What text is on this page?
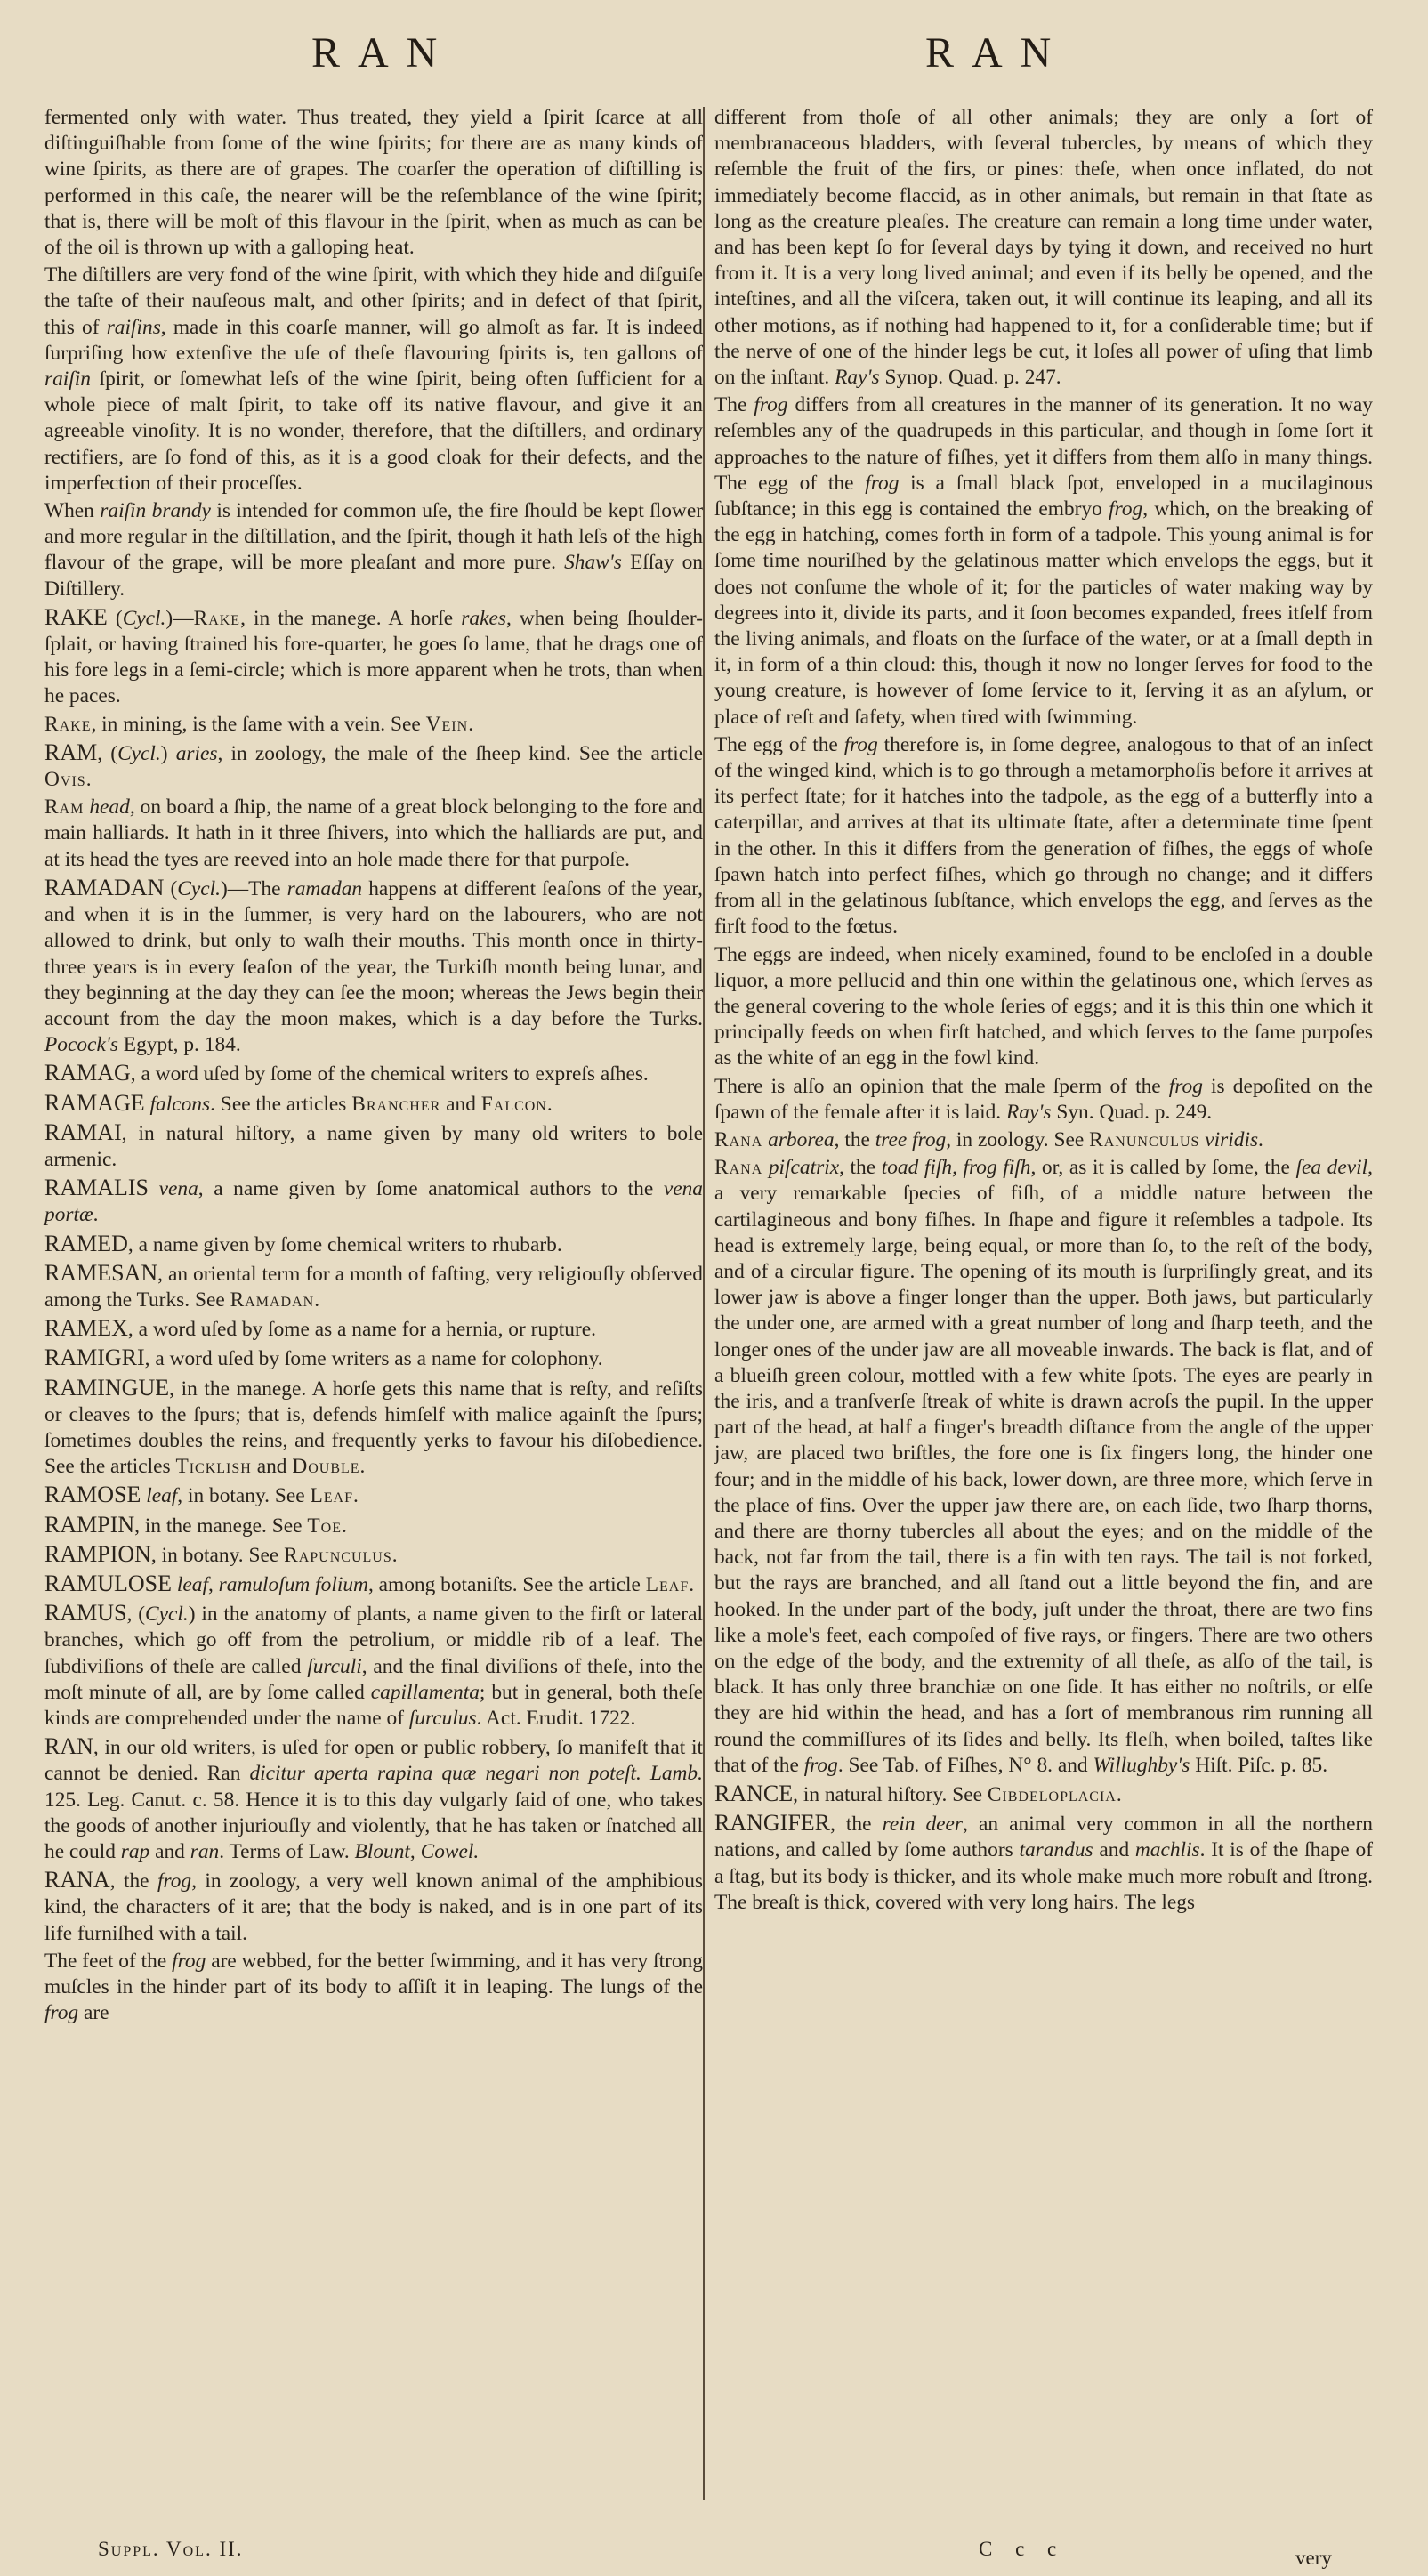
RAN	RAN

fermented only with water. Thus treated, they yield a ſpirit ſcarce at all diſtinguiſhable from ſome of the wine ſpirits; for there are as many kinds of wine ſpirits, as there are of grapes. The coarſer the operation of diſtilling is performed in this caſe, the nearer will be the reſemblance of the wine ſpirit; that is, there will be moſt of this flavour in the ſpirit, when as much as can be of the oil is thrown up with a galloping heat.

The diſtillers are very fond of the wine ſpirit, with which they hide and diſguiſe the taſte of their nauſeous malt, and other ſpirits; and in defect of that ſpirit, this of raiſins, made in this coarſe manner, will go almoſt as far. It is indeed ſurpriſing how extenſive the uſe of theſe flavouring ſpirits is, ten gallons of raiſin ſpirit, or ſomewhat leſs of the wine ſpirit, being often ſufficient for a whole piece of malt ſpirit, to take off its native flavour, and give it an agreeable vinoſity. It is no wonder, therefore, that the diſtillers, and ordinary rectifiers, are ſo fond of this, as it is a good cloak for their defects, and the imperfection of their proceſſes.

When raiſin brandy is intended for common uſe, the fire ſhould be kept ſlower and more regular in the diſtillation, and the ſpirit, though it hath leſs of the high flavour of the grape, will be more pleaſant and more pure. Shaw's Eſſay on Diſtillery.

RAKE (Cycl.)—Rake, in the manege. A horſe rakes, when being ſhoulder-ſplait, or having ſtrained his fore-quarter, he goes ſo lame, that he drags one of his fore legs in a ſemi-circle; which is more apparent when he trots, than when he paces.

Rake, in mining, is the ſame with a vein. See Vein.

RAM, (Cycl.) aries, in zoology, the male of the ſheep kind. See the article Ovis.

Ram head, on board a ſhip, the name of a great block belonging to the fore and main halliards. It hath in it three ſhivers, into which the halliards are put, and at its head the tyes are reeved into an hole made there for that purpoſe.

RAMADAN (Cycl.)—The ramadan happens at different ſeaſons of the year, and when it is in the ſummer, is very hard on the labourers, who are not allowed to drink, but only to waſh their mouths. This month once in thirty-three years is in every ſeaſon of the year, the Turkiſh month being lunar, and they beginning at the day they can ſee the moon; whereas the Jews begin their account from the day the moon makes, which is a day before the Turks. Pocock's Egypt, p. 184.

RAMAG, a word uſed by ſome of the chemical writers to expreſs aſhes.

RAMAGE falcons. See the articles Brancher and Falcon.

RAMAI, in natural hiſtory, a name given by many old writers to bole armenic.

RAMALIS vena, a name given by ſome anatomical authors to the vena portæ.

RAMED, a name given by ſome chemical writers to rhubarb.

RAMESAN, an oriental term for a month of faſting, very religiouſly obſerved among the Turks. See Ramadan.

RAMEX, a word uſed by ſome as a name for a hernia, or rupture.

RAMIGRI, a word uſed by ſome writers as a name for colophony.

RAMINGUE, in the manege. A horſe gets this name that is reſty, and reſiſts or cleaves to the ſpurs; that is, defends himſelf with malice againſt the ſpurs; ſometimes doubles the reins, and frequently yerks to favour his diſobedience. See the articles Ticklish and Double.

RAMOSE leaf, in botany. See Leaf.

RAMPIN, in the manege. See Toe.

RAMPION, in botany. See Rapunculus.

RAMULOSE leaf, ramuloſum folium, among botaniſts. See the article Leaf.

RAMUS, (Cycl.) in the anatomy of plants, a name given to the firſt or lateral branches, which go off from the petrolium, or middle rib of a leaf. The ſubdiviſions of theſe are called ſurculi, and the final diviſions of theſe, into the moſt minute of all, are by ſome called capillamenta; but in general, both theſe kinds are comprehended under the name of ſurculus. Act. Erudit. 1722.

RAN, in our old writers, is uſed for open or public robbery, ſo manifeſt that it cannot be denied. Ran dicitur aperta rapina quæ negari non poteſt. Lamb. 125. Leg. Canut. c. 58. Hence it is to this day vulgarly ſaid of one, who takes the goods of another injuriouſly and violently, that he has taken or ſnatched all he could rap and ran. Terms of Law. Blount, Cowel.

RANA, the frog, in zoology, a very well known animal of the amphibious kind, the characters of it are; that the body is naked, and is in one part of its life furniſhed with a tail.

The feet of the frog are webbed, for the better ſwimming, and it has very ſtrong muſcles in the hinder part of its body to aſſiſt it in leaping. The lungs of the frog are

different from thoſe of all other animals; they are only a ſort of membranaceous bladders, with ſeveral tubercles, by means of which they reſemble the fruit of the firs, or pines: theſe, when once inflated, do not immediately become flaccid, as in other animals, but remain in that ſtate as long as the creature pleaſes. The creature can remain a long time under water, and has been kept ſo for ſeveral days by tying it down, and received no hurt from it. It is a very long lived animal; and even if its belly be opened, and the inteſtines, and all the viſcera, taken out, it will continue its leaping, and all its other motions, as if nothing had happened to it, for a conſiderable time; but if the nerve of one of the hinder legs be cut, it loſes all power of uſing that limb on the inſtant. Ray's Synop. Quad. p. 247.

The frog differs from all creatures in the manner of its generation. It no way reſembles any of the quadrupeds in this particular, and though in ſome ſort it approaches to the nature of fiſhes, yet it differs from them alſo in many things. The egg of the frog is a ſmall black ſpot, enveloped in a mucilaginous ſubſtance; in this egg is contained the embryo frog, which, on the breaking of the egg in hatching, comes forth in form of a tadpole. This young animal is for ſome time nouriſhed by the gelatinous matter which envelops the eggs, but it does not conſume the whole of it; for the particles of water making way by degrees into it, divide its parts, and it ſoon becomes expanded, frees itſelf from the living animals, and floats on the ſurface of the water, or at a ſmall depth in it, in form of a thin cloud: this, though it now no longer ſerves for food to the young creature, is however of ſome ſervice to it, ſerving it as an aſylum, or place of reſt and ſafety, when tired with ſwimming.

The egg of the frog therefore is, in ſome degree, analogous to that of an inſect of the winged kind, which is to go through a metamorphoſis before it arrives at its perfect ſtate; for it hatches into the tadpole, as the egg of a butterfly into a caterpillar, and arrives at that its ultimate ſtate, after a determinate time ſpent in the other. In this it differs from the generation of fiſhes, the eggs of whoſe ſpawn hatch into perfect fiſhes, which go through no change; and it differs from all in the gelatinous ſubſtance, which envelops the egg, and ſerves as the firſt food to the fœtus.

The eggs are indeed, when nicely examined, found to be encloſed in a double liquor, a more pellucid and thin one within the gelatinous one, which ſerves as the general covering to the whole ſeries of eggs; and it is this thin one which it principally feeds on when firſt hatched, and which ſerves to the ſame purpoſes as the white of an egg in the fowl kind.

There is alſo an opinion that the male ſperm of the frog is depoſited on the ſpawn of the female after it is laid. Ray's Syn. Quad. p. 249.

Rana arborea, the tree frog, in zoology. See Ranunculus viridis.

Rana piſcatrix, the toad fiſh, frog fiſh, or, as it is called by ſome, the ſea devil, a very remarkable ſpecies of fiſh, of a middle nature between the cartilagineous and bony fiſhes. In ſhape and figure it reſembles a tadpole. Its head is extremely large, being equal, or more than ſo, to the reſt of the body, and of a circular figure. The opening of its mouth is ſurpriſingly great, and its lower jaw is above a finger longer than the upper. Both jaws, but particularly the under one, are armed with a great number of long and ſharp teeth, and the longer ones of the under jaw are all moveable inwards. The back is flat, and of a blueiſh green colour, mottled with a few white ſpots. The eyes are pearly in the iris, and a tranſverſe ſtreak of white is drawn acroſs the pupil. In the upper part of the head, at half a finger's breadth diſtance from the angle of the upper jaw, are placed two briſtles, the fore one is ſix fingers long, the hinder one four; and in the middle of his back, lower down, are three more, which ſerve in the place of fins. Over the upper jaw there are, on each ſide, two ſharp thorns, and there are thorny tubercles all about the eyes; and on the middle of the back, not far from the tail, there is a fin with ten rays. The tail is not forked, but the rays are branched, and all ſtand out a little beyond the fin, and are hooked. In the under part of the body, juſt under the throat, there are two fins like a mole's feet, each compoſed of five rays, or fingers. There are two others on the edge of the body, and the extremity of all theſe, as alſo of the tail, is black. It has only three branchiæ on one ſide. It has either no noſtrils, or elſe they are hid within the head, and has a ſort of membranous rim running all round the commiſſures of its ſides and belly. Its fleſh, when boiled, taſtes like that of the frog. See Tab. of Fiſhes, N° 8. and Willughby's Hiſt. Piſc. p. 85.

RANCE, in natural hiſtory. See Cibdeloplacia.

RANGIFER, the rein deer, an animal very common in all the northern nations, and called by ſome authors tarandus and machlis. It is of the ſhape of a ſtag, but its body is thicker, and its whole make much more robuſt and ſtrong. The breaſt is thick, covered with very long hairs. The legs

Suppl. Vol. II.	C c c	very
